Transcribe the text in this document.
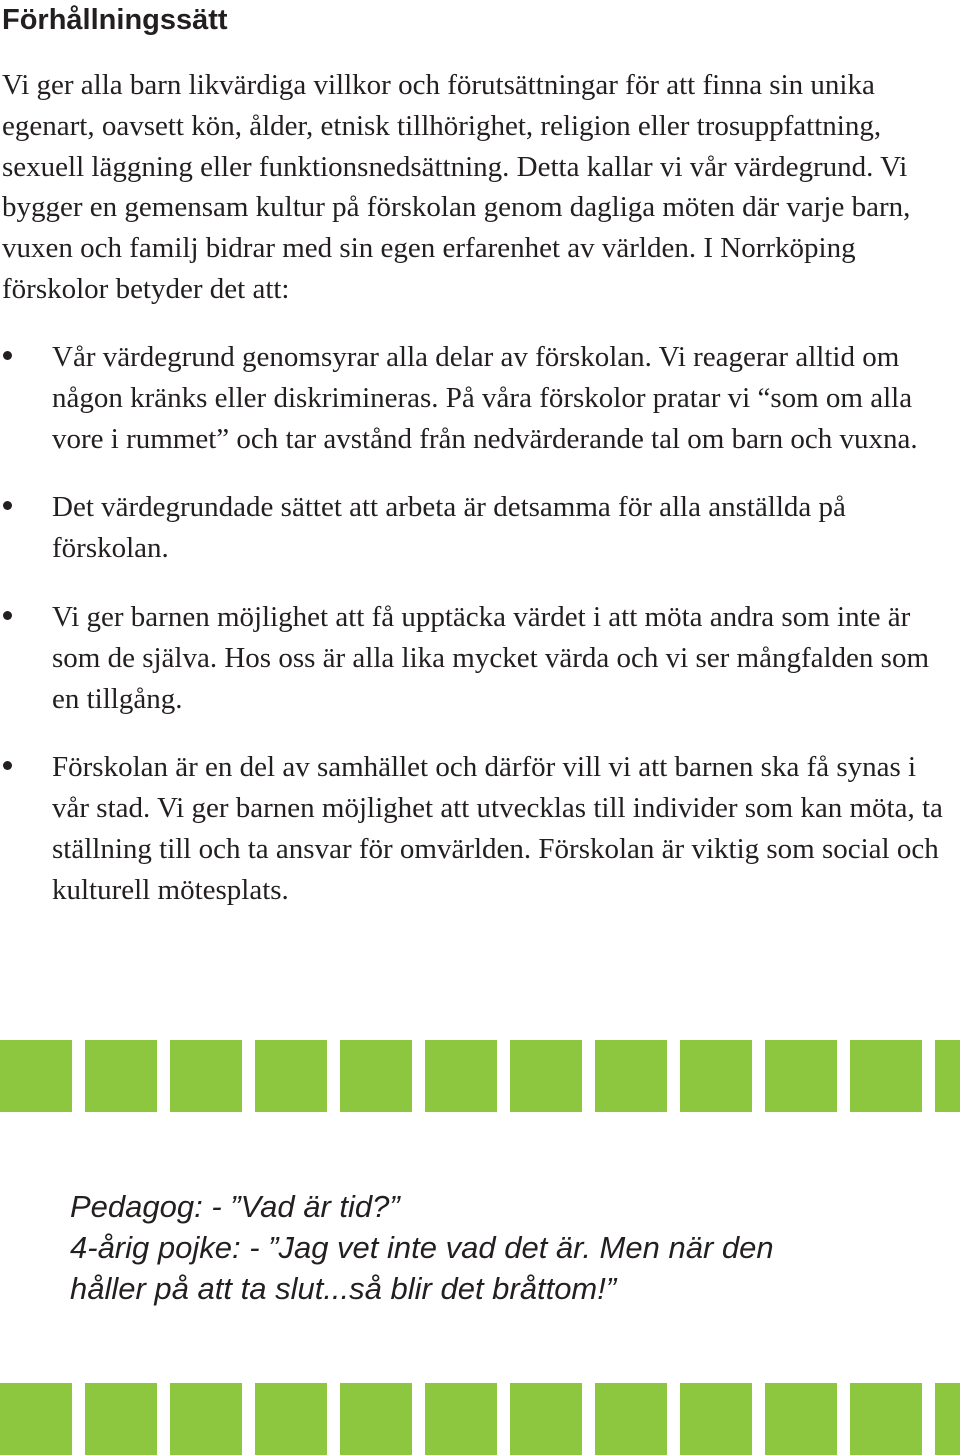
Förhållningssätt

Vi ger alla barn likvärdiga villkor och förutsättningar för att finna sin unika egenart, oavsett kön, ålder, etnisk tillhörighet, religion eller trosuppfattning, sexuell läggning eller funktionsnedsättning. Detta kallar vi vår värdegrund. Vi bygger en gemensam kultur på förskolan genom dagliga möten där varje barn, vuxen och familj bidrar med sin egen erfarenhet av världen. I Norrköping förskolor betyder det att:

Vår värdegrund genomsyrar alla delar av förskolan. Vi reagerar alltid om någon kränks eller diskrimineras. På våra förskolor pratar vi “som om alla vore i rummet” och tar avstånd från nedvärderande tal om barn och vuxna.
Det värdegrundade sättet att arbeta är detsamma för alla anställda på förskolan.
Vi ger barnen möjlighet att få upptäcka värdet i att möta andra som inte är som de själva. Hos oss är alla lika mycket värda och vi ser mångfalden som en tillgång.
Förskolan är en del av samhället och därför vill vi att barnen ska få synas i vår stad. Vi ger barnen möjlighet att utvecklas till individer som kan möta, ta ställning till och ta ansvar för omvärlden. Förskolan är viktig som social och kulturell mötesplats.
Pedagog: - ”Vad är tid?”
4-årig pojke: - ”Jag vet inte vad det är. Men när den
håller på att ta slut...så blir det bråttom!”
